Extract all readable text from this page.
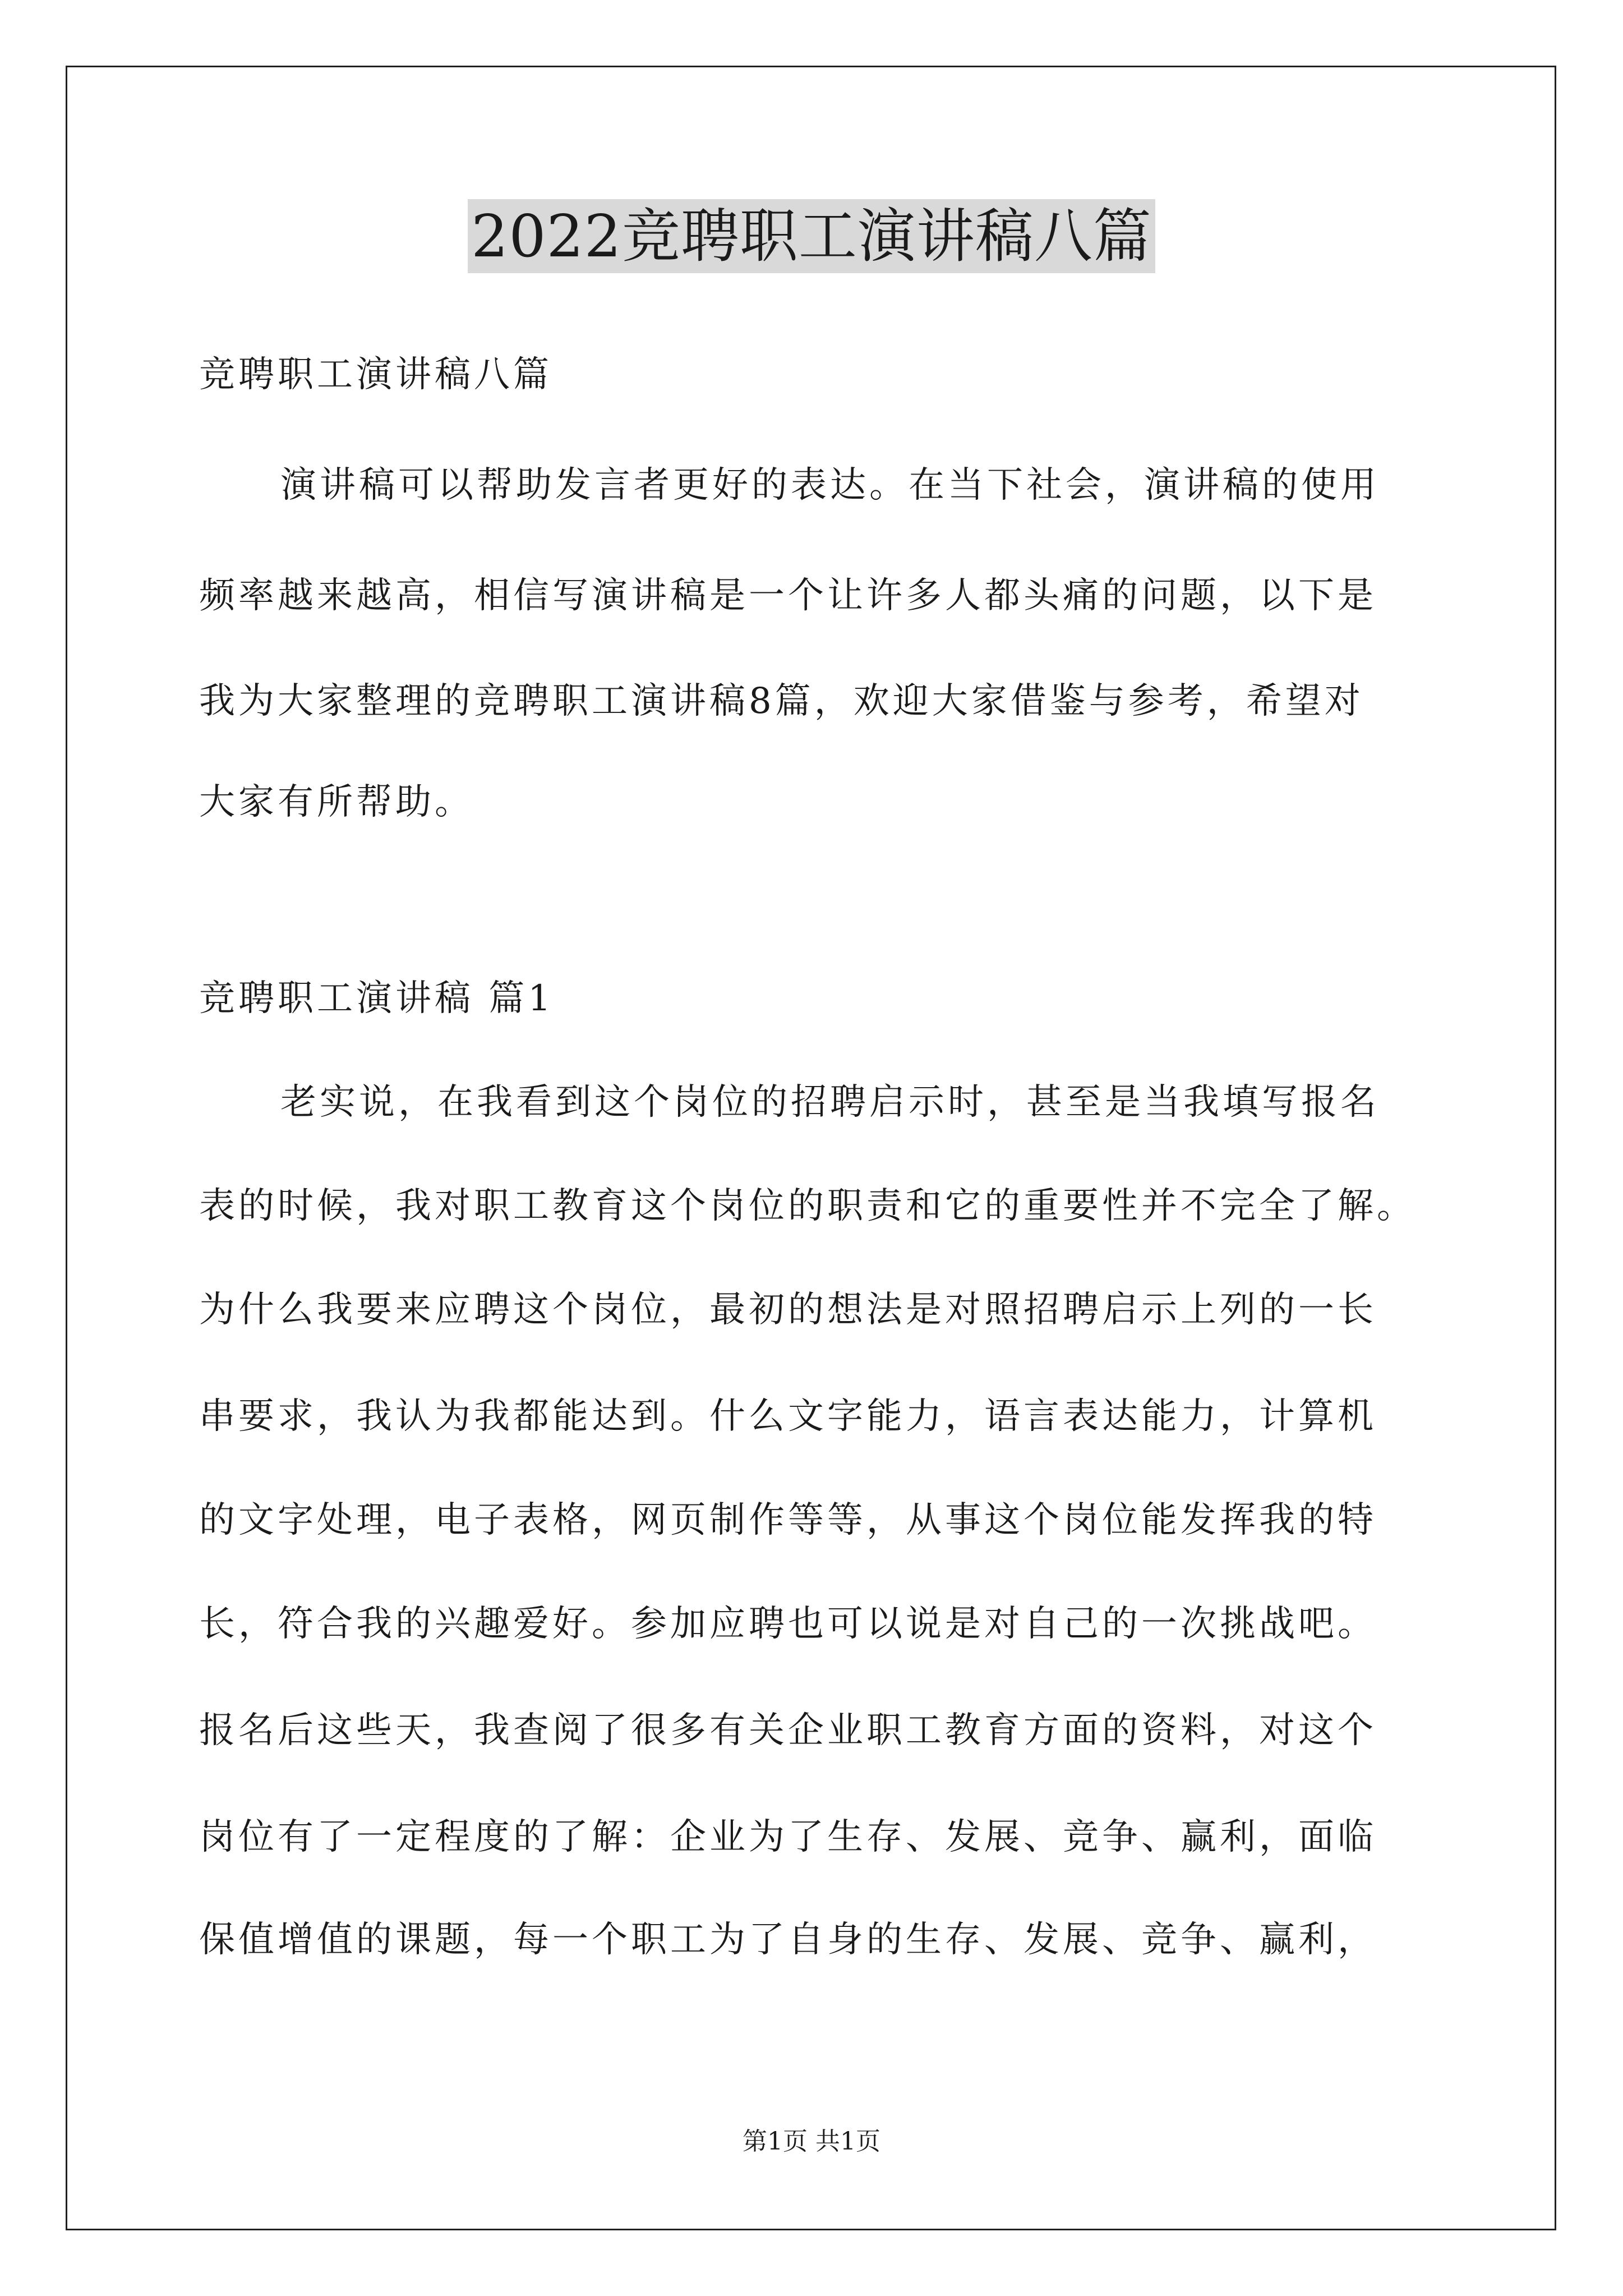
2022竞聘职工演讲稿八篇
竞聘职工演讲稿八篇
演讲稿可以帮助发言者更好的表达。在当下社会，演讲稿的使用
频率越来越高，相信写演讲稿是一个让许多人都头痛的问题，以下是
我为大家整理的竞聘职工演讲稿8篇，欢迎大家借鉴与参考，希望对
大家有所帮助。
竞聘职工演讲稿 篇1
老实说，在我看到这个岗位的招聘启示时，甚至是当我填写报名
表的时候，我对职工教育这个岗位的职责和它的重要性并不完全了解。
为什么我要来应聘这个岗位，最初的想法是对照招聘启示上列的一长
串要求，我认为我都能达到。什么文字能力，语言表达能力，计算机
的文字处理，电子表格，网页制作等等，从事这个岗位能发挥我的特
长，符合我的兴趣爱好。参加应聘也可以说是对自己的一次挑战吧。
报名后这些天，我查阅了很多有关企业职工教育方面的资料，对这个
岗位有了一定程度的了解：企业为了生存、发展、竞争、赢利，面临
保值增值的课题，每一个职工为了自身的生存、发展、竞争、赢利，
第1页 共1页
